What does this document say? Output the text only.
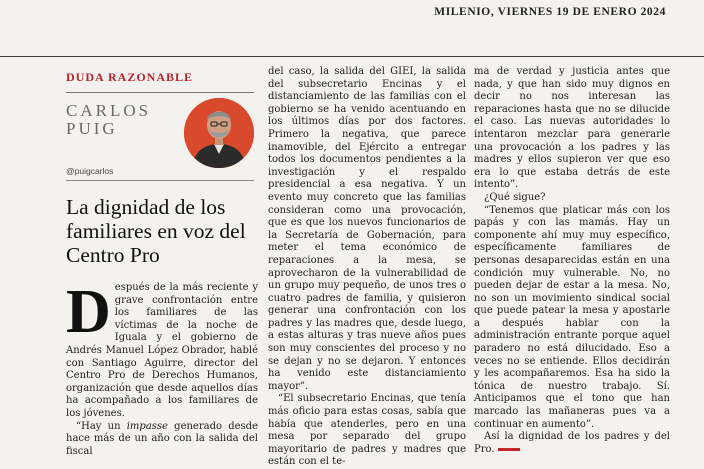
MILENIO, VIERNES 19 DE ENERO 2024
DUDA RAZONABLE
CARLOS
PUIG
@puigcarlos
La dignidad de los familiares en voz del Centro Pro
Después de la más reciente y grave confrontación entre los familiares de las víctimas de la noche de Iguala y el gobierno de Andrés Manuel López Obrador, hablé con Santiago Aguirre, director del Centro Pro de Derechos Humanos, organización que desde aquellos días ha acompañado a los familiares de los jóvenes.
“Hay un impasse generado desde hace más de un año con la salida del fiscal

del caso, la salida del GIEI, la salida del subsecretario Encinas y el distanciamiento de las familias con el gobierno se ha venido acentuando en los últimos días por dos factores. Primero la negativa, que parece inamovible, del Ejército a entregar todos los documentos pendientes a la investigación y el respaldo presidencial a esa negativa. Y un evento muy concreto que las familias consideran como una provocación, que es que los nuevos funcionarios de la Secretaría de Gobernación, para meter el tema económico de reparaciones a la mesa, se aprovecharon de la vulnerabilidad de un grupo muy pequeño, de unos tres o cuatro padres de familia, y quisieron generar una confrontación con los padres y las madres que, desde luego, a estas alturas y tras nueve años pues son muy conscientes del proceso y no se dejan y no se dejaron. Y entonces ha venido este distanciamiento mayor”.

“El subsecretario Encinas, que tenía más oficio para estas cosas, sabía que había que atenderles, pero en una mesa por separado del grupo mayoritario de padres y madres que están con el te-

ma de verdad y justicia antes que nada, y que han sido muy dignos en decir no nos interesan las reparaciones hasta que no se dilucide el caso. Las nuevas autoridades lo intentaron mezclar para generarle una provocación a los padres y las madres y ellos supieron ver que eso era lo que estaba detrás de este intento”.

¿Qué sigue?

“Tenemos que platicar más con los papás y con las mamás. Hay un componente ahí muy muy específico, específicamente familiares de personas desaparecidas están en una condición muy vulnerable. No, no pueden dejar de estar a la mesa. No, no son un movimiento sindical social que puede patear la mesa y apostarle a después hablar con la administración entrante porque aquel paradero no está dilucidado. Eso a veces no se entiende. Ellos decidirán y les acompañaremos. Esa ha sido la tónica de nuestro trabajo. Sí. Anticipamos que el tono que han marcado las mañaneras pues va a continuar en aumento”.

Así la dignidad de los padres y del Pro.
